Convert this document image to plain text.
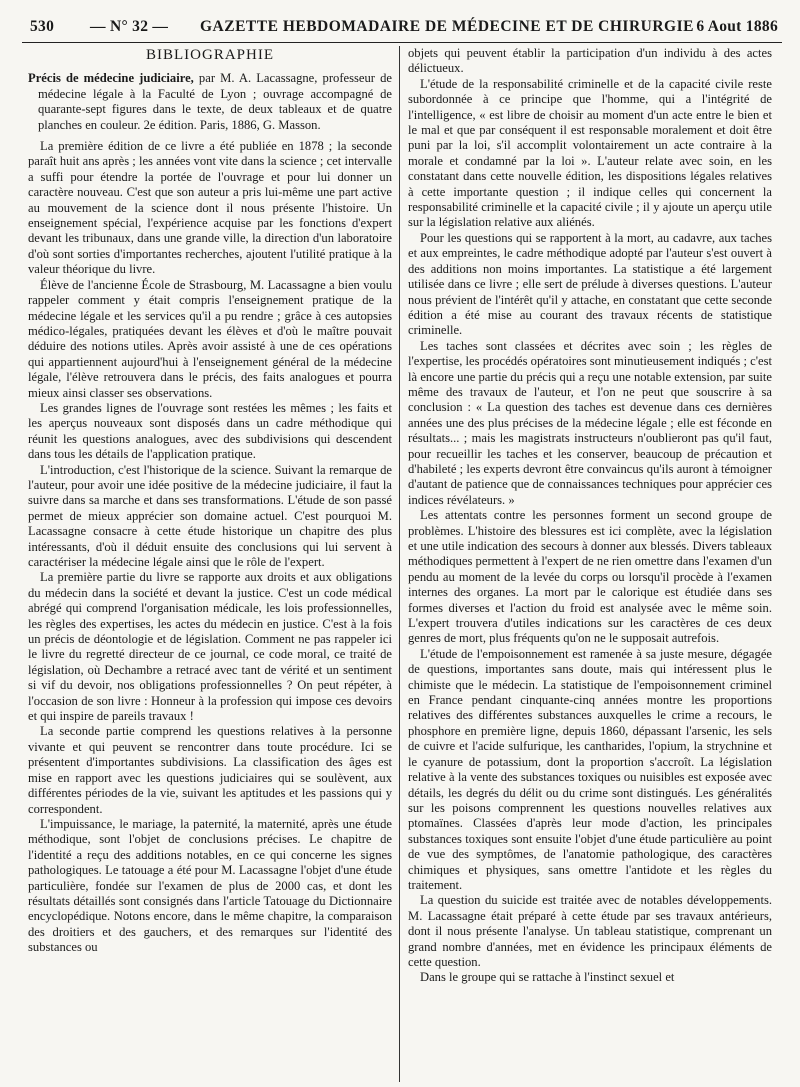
530 — N° 32 — GAZETTE HEBDOMADAIRE DE MÉDECINE ET DE CHIRURGIE 6 Aout 1886
BIBLIOGRAPHIE

Précis de médecine judiciaire, par M. A. Lacassagne, professeur de médecine légale à la Faculté de Lyon ; ouvrage accompagné de quarante-sept figures dans le texte, de deux tableaux et de quatre planches en couleur. 2e édition. Paris, 1886, G. Masson.

La première édition de ce livre a été publiée en 1878 ; la seconde paraît huit ans après ; les années vont vite dans la science ; cet intervalle a suffi pour étendre la portée de l'ouvrage et pour lui donner un caractère nouveau. C'est que son auteur a pris lui-même une part active au mouvement de la science dont il nous présente l'histoire. Un enseignement spécial, l'expérience acquise par les fonctions d'expert devant les tribunaux, dans une grande ville, la direction d'un laboratoire d'où sont sorties d'importantes recherches, ajoutent l'utilité pratique à la valeur théorique du livre.

Élève de l'ancienne École de Strasbourg, M. Lacassagne a bien voulu rappeler comment y était compris l'enseignement pratique de la médecine légale et les services qu'il a pu rendre ; grâce à ces autopsies médico-légales, pratiquées devant les élèves et d'où le maître pouvait déduire des notions utiles. Après avoir assisté à une de ces opérations qui appartiennent aujourd'hui à l'enseignement général de la médecine légale, l'élève retrouvera dans le précis, des faits analogues et pourra mieux ainsi classer ses observations.

Les grandes lignes de l'ouvrage sont restées les mêmes ; les faits et les aperçus nouveaux sont disposés dans un cadre méthodique qui réunit les questions analogues, avec des subdivisions qui descendent dans tous les détails de l'application pratique.

L'introduction, c'est l'historique de la science. Suivant la remarque de l'auteur, pour avoir une idée positive de la médecine judiciaire, il faut la suivre dans sa marche et dans ses transformations. L'étude de son passé permet de mieux apprécier son domaine actuel. C'est pourquoi M. Lacassagne consacre à cette étude historique un chapitre des plus intéressants, d'où il déduit ensuite des conclusions qui lui servent à caractériser la médecine légale ainsi que le rôle de l'expert.

La première partie du livre se rapporte aux droits et aux obligations du médecin dans la société et devant la justice. C'est un code médical abrégé qui comprend l'organisation médicale, les lois professionnelles, les règles des expertises, les actes du médecin en justice. C'est à la fois un précis de déontologie et de législation. Comment ne pas rappeler ici le livre du regretté directeur de ce journal, ce code moral, ce traité de législation, où Dechambre a retracé avec tant de vérité et un sentiment si vif du devoir, nos obligations professionnelles ? On peut répéter, à l'occasion de son livre : Honneur à la profession qui impose ces devoirs et qui inspire de pareils travaux !

La seconde partie comprend les questions relatives à la personne vivante et qui peuvent se rencontrer dans toute procédure. Ici se présentent d'importantes subdivisions. La classification des âges est mise en rapport avec les questions judiciaires qui se soulèvent, aux différentes périodes de la vie, suivant les aptitudes et les passions qui y correspondent.

L'impuissance, le mariage, la paternité, la maternité, après une étude méthodique, sont l'objet de conclusions précises. Le chapitre de l'identité a reçu des additions notables, en ce qui concerne les signes pathologiques. Le tatouage a été pour M. Lacassagne l'objet d'une étude particulière, fondée sur l'examen de plus de 2000 cas, et dont les résultats détaillés sont consignés dans l'article Tatouage du Dictionnaire encyclopédique. Notons encore, dans le même chapitre, la comparaison des droitiers et des gauchers, et des remarques sur l'identité des substances ou

objets qui peuvent établir la participation d'un individu à des actes délictueux.

L'étude de la responsabilité criminelle et de la capacité civile reste subordonnée à ce principe que l'homme, qui a l'intégrité de l'intelligence, « est libre de choisir au moment d'un acte entre le bien et le mal et que par conséquent il est responsable moralement et doit être puni par la loi, s'il accomplit volontairement un acte contraire à la morale et condamné par la loi ». L'auteur relate avec soin, en les constatant dans cette nouvelle édition, les dispositions légales relatives à cette importante question ; il indique celles qui concernent la responsabilité criminelle et la capacité civile ; il y ajoute un aperçu utile sur la législation relative aux aliénés.

Pour les questions qui se rapportent à la mort, au cadavre, aux taches et aux empreintes, le cadre méthodique adopté par l'auteur s'est ouvert à des additions non moins importantes. La statistique a été largement utilisée dans ce livre ; elle sert de prélude à diverses questions. L'auteur nous prévient de l'intérêt qu'il y attache, en constatant que cette seconde édition a été mise au courant des travaux récents de statistique criminelle.

Les taches sont classées et décrites avec soin ; les règles de l'expertise, les procédés opératoires sont minutieusement indiqués ; c'est là encore une partie du précis qui a reçu une notable extension, par suite même des travaux de l'auteur, et l'on ne peut que souscrire à sa conclusion : « La question des taches est devenue dans ces dernières années une des plus précises de la médecine légale ; elle est féconde en résultats... ; mais les magistrats instructeurs n'oublieront pas qu'il faut, pour recueillir les taches et les conserver, beaucoup de précaution et d'habileté ; les experts devront être convaincus qu'ils auront à témoigner d'autant de patience que de connaissances techniques pour apprécier ces indices révélateurs. »

Les attentats contre les personnes forment un second groupe de problèmes. L'histoire des blessures est ici complète, avec la législation et une utile indication des secours à donner aux blessés. Divers tableaux méthodiques permettent à l'expert de ne rien omettre dans l'examen d'un pendu au moment de la levée du corps ou lorsqu'il procède à l'examen internes des organes. La mort par le calorique est étudiée dans ses formes diverses et l'action du froid est analysée avec le même soin. L'expert trouvera d'utiles indications sur les caractères de ces deux genres de mort, plus fréquents qu'on ne le supposait autrefois.

L'étude de l'empoisonnement est ramenée à sa juste mesure, dégagée de questions, importantes sans doute, mais qui intéressent plus le chimiste que le médecin. La statistique de l'empoisonnement criminel en France pendant cinquante-cinq années montre les proportions relatives des différentes substances auxquelles le crime a recours, le phosphore en première ligne, depuis 1860, dépassant l'arsenic, les sels de cuivre et l'acide sulfurique, les cantharides, l'opium, la strychnine et le cyanure de potassium, dont la proportion s'accroît. La législation relative à la vente des substances toxiques ou nuisibles est exposée avec détails, les degrés du délit ou du crime sont distingués. Les généralités sur les poisons comprennent les questions nouvelles relatives aux ptomaïnes. Classées d'après leur mode d'action, les principales substances toxiques sont ensuite l'objet d'une étude particulière au point de vue des symptômes, de l'anatomie pathologique, des caractères chimiques et physiques, sans omettre l'antidote et les règles du traitement.

La question du suicide est traitée avec de notables développements. M. Lacassagne était préparé à cette étude par ses travaux antérieurs, dont il nous présente l'analyse. Un tableau statistique, comprenant un grand nombre d'années, met en évidence les principaux éléments de cette question.

Dans le groupe qui se rattache à l'instinct sexuel et
